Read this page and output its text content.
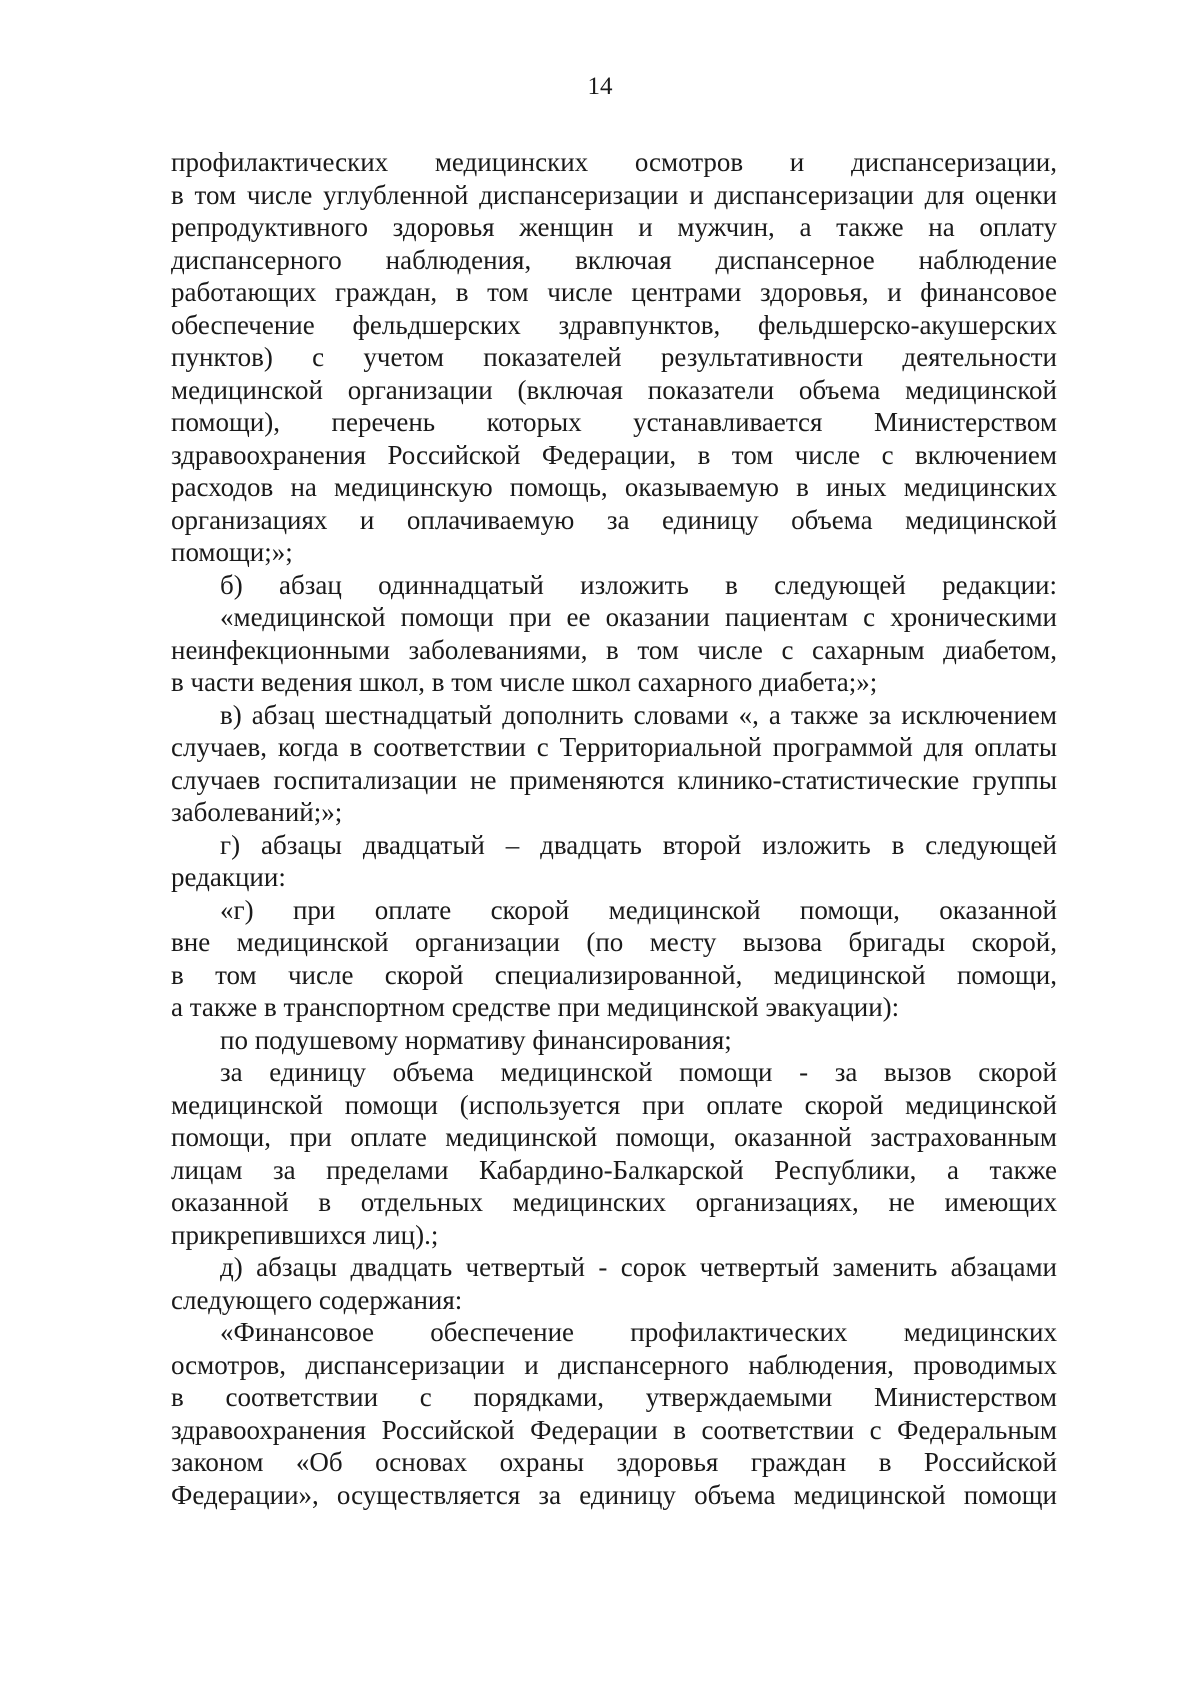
14
профилактических медицинских осмотров и диспансеризации,
в том числе углубленной диспансеризации и диспансеризации для оценки
репродуктивного здоровья женщин и мужчин, а также на оплату
диспансерного наблюдения, включая диспансерное наблюдение
работающих граждан, в том числе центрами здоровья, и финансовое
обеспечение фельдшерских здравпунктов, фельдшерско-акушерских
пунктов) с учетом показателей результативности деятельности
медицинской организации (включая показатели объема медицинской
помощи), перечень которых устанавливается Министерством
здравоохранения Российской Федерации, в том числе с включением
расходов на медицинскую помощь, оказываемую в иных медицинских
организациях и оплачиваемую за единицу объема медицинской
помощи;»;
б) абзац одиннадцатый изложить в следующей редакции:
«медицинской помощи при ее оказании пациентам с хроническими
неинфекционными заболеваниями, в том числе с сахарным диабетом,
в части ведения школ, в том числе школ сахарного диабета;»;
в) абзац шестнадцатый дополнить словами «, а также за исключением
случаев, когда в соответствии с Территориальной программой для оплаты
случаев госпитализации не применяются клинико-статистические группы
заболеваний;»;
г) абзацы двадцатый – двадцать второй изложить в следующей
редакции:
«г) при оплате скорой медицинской помощи, оказанной
вне медицинской организации (по месту вызова бригады скорой,
в том числе скорой специализированной, медицинской помощи,
а также в транспортном средстве при медицинской эвакуации):
по подушевому нормативу финансирования;
за единицу объема медицинской помощи - за вызов скорой
медицинской помощи (используется при оплате скорой медицинской
помощи, при оплате медицинской помощи, оказанной застрахованным
лицам за пределами Кабардино-Балкарской Республики, а также
оказанной в отдельных медицинских организациях, не имеющих
прикрепившихся лиц).;
д) абзацы двадцать четвертый - сорок четвертый заменить абзацами
следующего содержания:
«Финансовое обеспечение профилактических медицинских
осмотров, диспансеризации и диспансерного наблюдения, проводимых
в соответствии с порядками, утверждаемыми Министерством
здравоохранения Российской Федерации в соответствии с Федеральным
законом «Об основах охраны здоровья граждан в Российской
Федерации», осуществляется за единицу объема медицинской помощи
